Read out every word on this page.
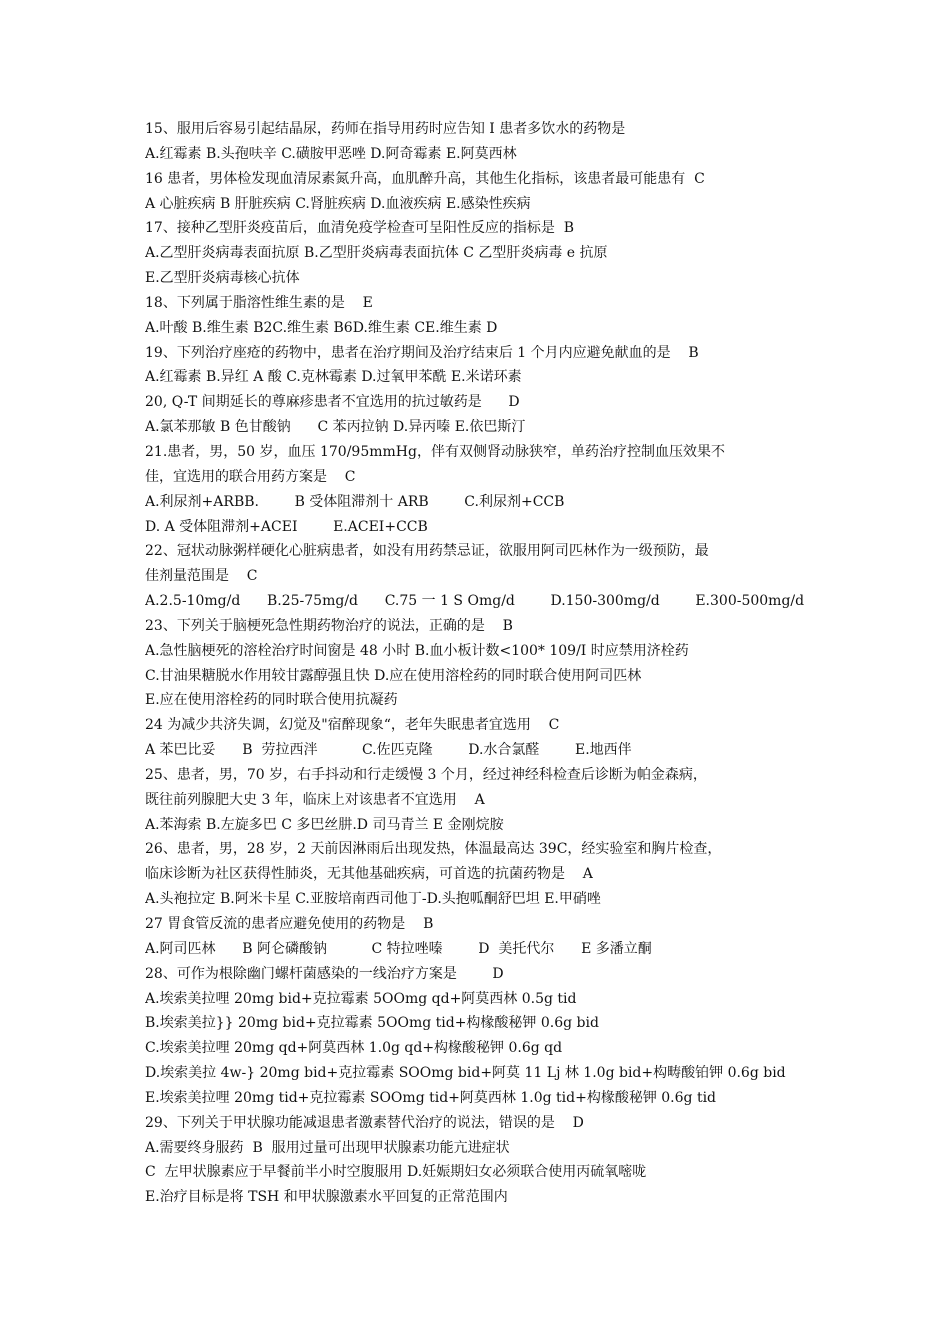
15、服用后容易引起结晶尿，药师在指导用药时应告知 I 患者多饮水的药物是
A.红霉素 B.头孢呋辛 C.磺胺甲恶唑 D.阿奇霉素 E.阿莫西林
16 患者，男体检发现血清尿素氮升高，血肌醉升高，其他生化指标，该患者最可能患有  C
A 心脏疾病 B 肝脏疾病 C.肾脏疾病 D.血液疾病 E.感染性疾病
17、接种乙型肝炎疫苗后，血清免疫学检查可呈阳性反应的指标是  B
A.乙型肝炎病毒表面抗原 B.乙型肝炎病毒表面抗体 C 乙型肝炎病毒 e 抗原
E.乙型肝炎病毒核心抗体
18、下列属于脂溶性维生素的是    E
A.叶酸 B.维生素 B2C.维生素 B6D.维生素 CE.维生素 D
19、下列治疗座疮的药物中，患者在治疗期间及治疗结束后 1 个月内应避免献血的是    B
A.红霉素 B.异红 A 酸 C.克林霉素 D.过氧甲苯酰 E.米诺环素
20, Q-T 间期延长的尊麻疹患者不宜选用的抗过敏药是      D
A.氯苯那敏 B 色甘酸钠      C 苯丙拉钠 D.异丙嗪 E.依巴斯汀
21.患者，男，50 岁，血压 170/95mmHg，伴有双侧肾动脉狭窄，单药治疗控制血压效果不
佳，宜选用的联合用药方案是    C
A.利尿剂+ARBB.        B 受体阻滞剂十 ARB        C.利尿剂+CCB
D. A 受体阻滞剂+ACEI        E.ACEI+CCB
22、冠状动脉粥样硬化心脏病患者，如没有用药禁忌证，欲服用阿司匹林作为一级预防，最
佳剂量范围是    C
A.2.5-10mg/d      B.25-75mg/d      C.75 一 1 S Omg/d        D.150-300mg/d        E.300-500mg/d
23、下列关于脑梗死急性期药物治疗的说法，正确的是    B
A.急性脑梗死的溶栓治疗时间窗是 48 小时 B.血小板计数<100* 109/I 时应禁用济栓药
C.甘油果糖脱水作用较甘露醇强且快 D.应在使用溶栓药的同时联合使用阿司匹林
E.应在使用溶栓药的同时联合使用抗凝药
24 为减少共济失调，幻觉及"宿醉现象“，老年失眠患者宜选用    C
A 苯巴比妥      B  劳拉西泮          C.佐匹克隆        D.水合氯醛        E.地西伴
25、患者，男，70 岁，右手抖动和行走缓慢 3 个月，经过神经科检查后诊断为帕金森病，
既往前列腺肥大史 3 年，临床上对该患者不宜选用    A
A.苯海索 B.左旋多巴 C 多巴丝肼.D 司马青兰 E 金刚烷胺
26、患者，男，28 岁，2 天前因淋雨后出现发热，体温最高达 39C，经实验室和胸片检查，
临床诊断为社区获得性肺炎，无其他基础疾病，可首选的抗菌药物是    A
A.头袍拉定 B.阿米卡星 C.亚胺培南西司他丁-D.头抱呱酮舒巴坦 E.甲硝唑
27 胃食管反流的患者应避免使用的药物是    B
A.阿司匹林      B 阿仑磷酸钠          C 特拉唑嗪        D  美托代尔      E 多潘立酮
28、可作为根除幽门螺杆菌感染的一线治疗方案是        D
A.埃索美拉哩 20mg bid+克拉霉素 5OOmg qd+阿莫西林 0.5g tid
B.埃索美拉}} 20mg bid+克拉霉素 5OOmg tid+构椽酸秘钾 0.6g bid
C.埃索美拉哩 20mg qd+阿莫西林 1.0g qd+构椽酸秘钾 0.6g qd
D.埃索美拉 4w-} 20mg bid+克拉霉素 SOOmg bid+阿莫 11 Lj 林 1.0g bid+构畴酸铂钾 0.6g bid
E.埃索美拉哩 20mg tid+克拉霉素 SOOmg tid+阿莫西林 1.0g tid+构椽酸秘钾 0.6g tid
29、下列关于甲状腺功能减退患者激素替代治疗的说法，错误的是    D
A.需要终身服药  B  服用过量可出现甲状腺素功能亢进症状
C  左甲状腺素应于早餐前半小时空腹服用 D.妊娠期妇女必须联合使用丙硫氧嘧咙
E.治疗目标是将 TSH 和甲状腺激素水平回复的正常范围内
